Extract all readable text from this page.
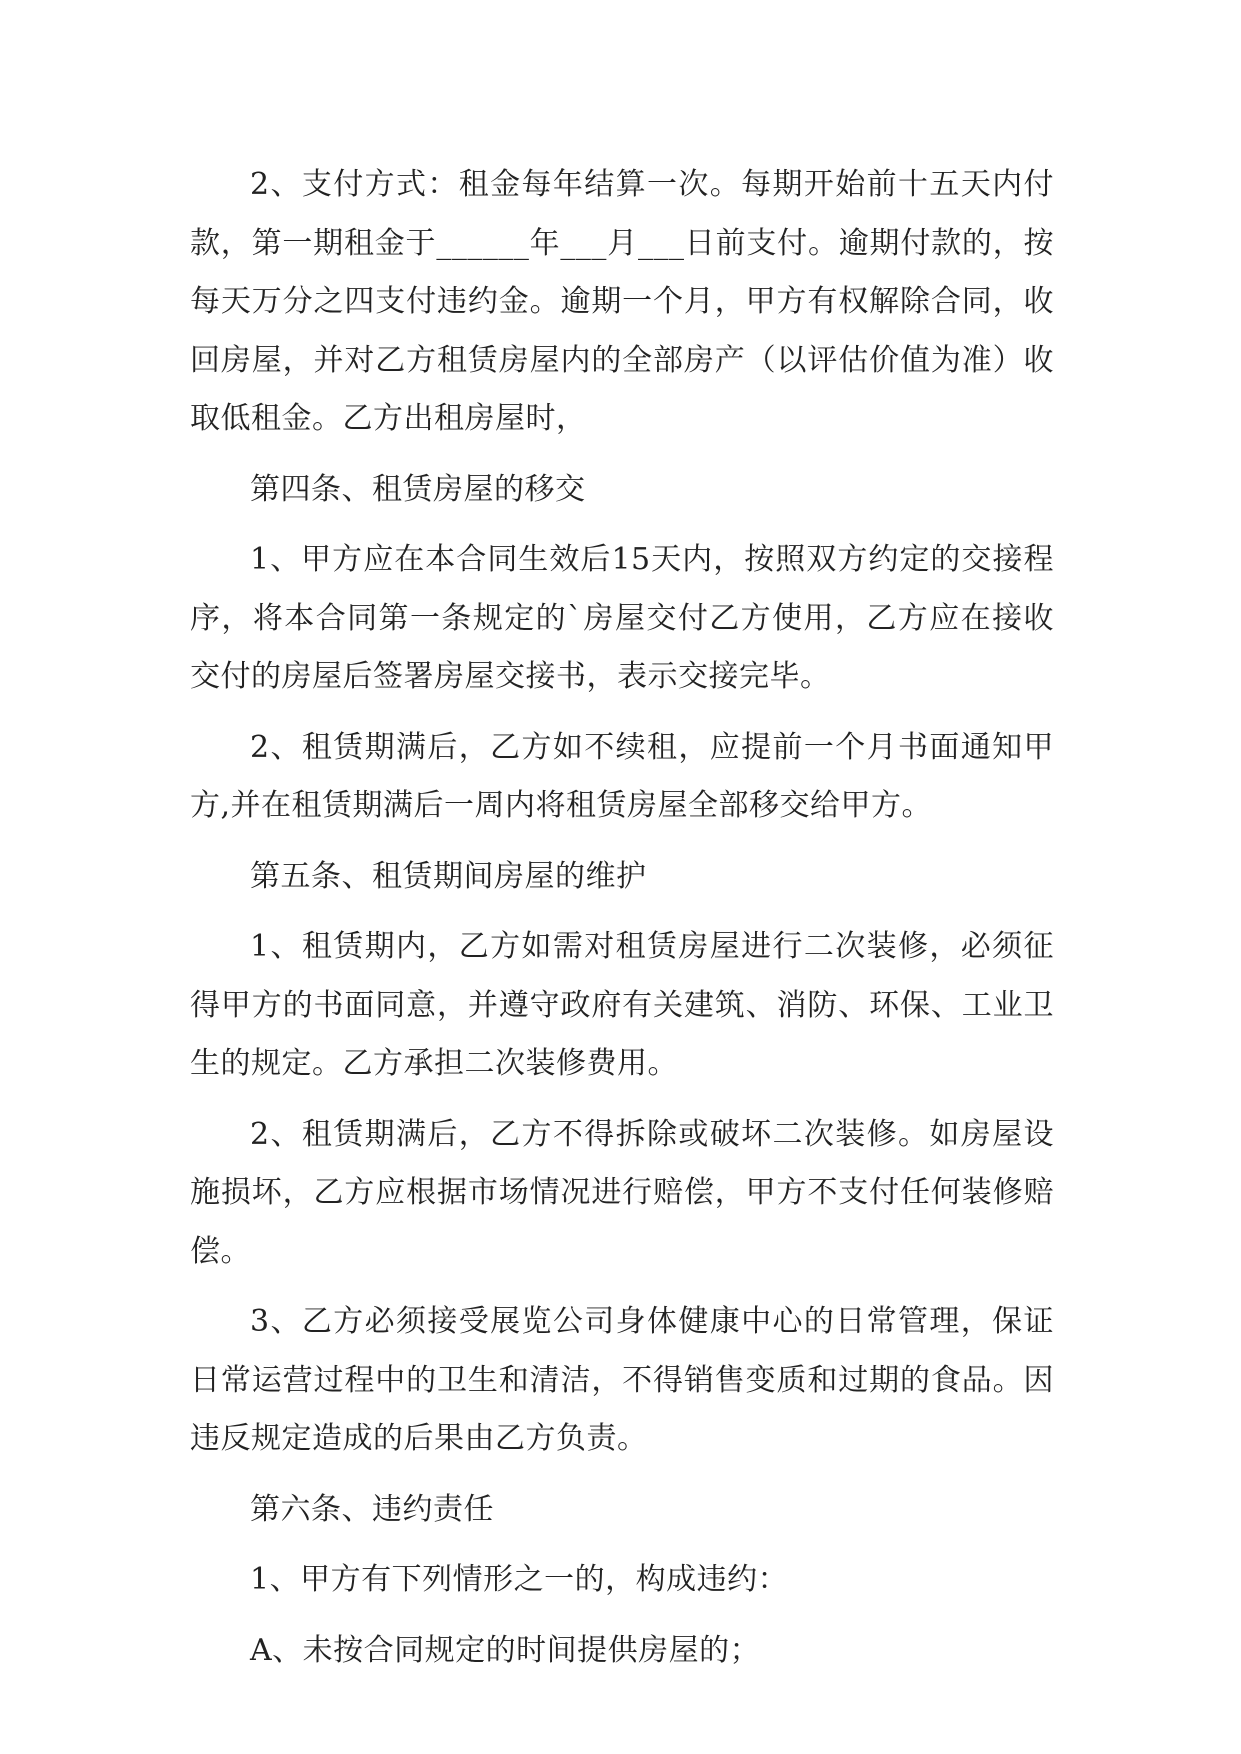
2、支付方式：租金每年结算一次。每期开始前十五天内付款，第一期租金于______年___月___日前支付。逾期付款的，按每天万分之四支付违约金。逾期一个月，甲方有权解除合同，收回房屋，并对乙方租赁房屋内的全部房产（以评估价值为准）收取低租金。乙方出租房屋时，

第四条、租赁房屋的移交

1、甲方应在本合同生效后15天内，按照双方约定的交接程序，将本合同第一条规定的`房屋交付乙方使用，乙方应在接收交付的房屋后签署房屋交接书，表示交接完毕。

2、租赁期满后，乙方如不续租，应提前一个月书面通知甲方,并在租赁期满后一周内将租赁房屋全部移交给甲方。

第五条、租赁期间房屋的维护

1、租赁期内，乙方如需对租赁房屋进行二次装修，必须征得甲方的书面同意，并遵守政府有关建筑、消防、环保、工业卫生的规定。乙方承担二次装修费用。

2、租赁期满后，乙方不得拆除或破坏二次装修。如房屋设施损坏，乙方应根据市场情况进行赔偿，甲方不支付任何装修赔偿。

3、乙方必须接受展览公司身体健康中心的日常管理，保证日常运营过程中的卫生和清洁，不得销售变质和过期的食品。因违反规定造成的后果由乙方负责。

第六条、违约责任

1、甲方有下列情形之一的，构成违约：

A、未按合同规定的时间提供房屋的；
